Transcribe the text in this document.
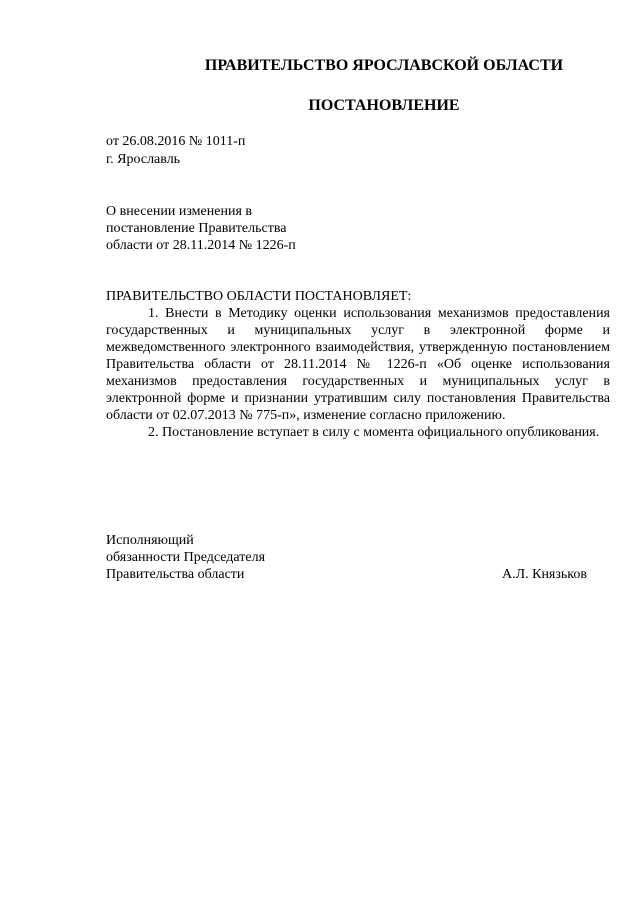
ПРАВИТЕЛЬСТВО ЯРОСЛАВСКОЙ ОБЛАСТИ
ПОСТАНОВЛЕНИЕ
от 26.08.2016 № 1011-п
г. Ярославль
О внесении изменения в
постановление Правительства
области от 28.11.2014 № 1226-п
ПРАВИТЕЛЬСТВО ОБЛАСТИ ПОСТАНОВЛЯЕТ:

1. Внести в Методику оценки использования механизмов предоставления государственных и муниципальных услуг в электронной форме и межведомственного электронного взаимодействия, утвержденную постановлением Правительства области от 28.11.2014 № 1226-п «Об оценке использования механизмов предоставления государственных и муниципальных услуг в электронной форме и признании утратившим силу постановления Правительства области от 02.07.2013 № 775-п», изменение согласно приложению.

2. Постановление вступает в силу с момента официального опубликования.

Исполняющий
обязанности Председателя
Правительства области	А.Л. Князьков
